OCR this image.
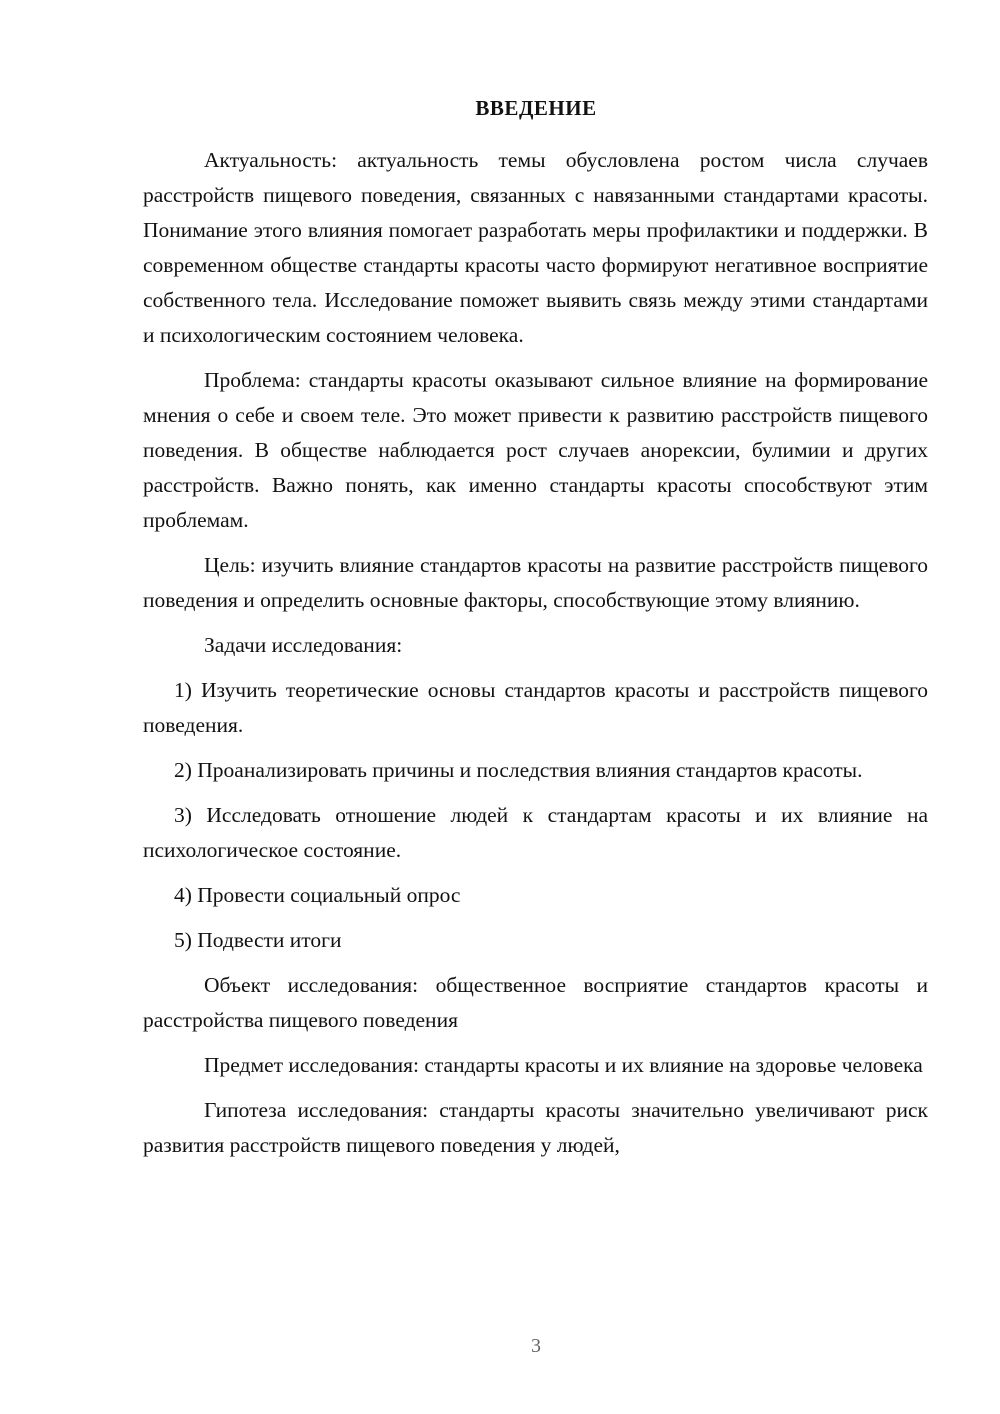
ВВЕДЕНИЕ

Актуальность: актуальность темы обусловлена ростом числа случаев расстройств пищевого поведения, связанных с навязанными стандартами красоты. Понимание этого влияния помогает разработать меры профилактики и поддержки. В современном обществе стандарты красоты часто формируют негативное восприятие собственного тела. Исследование поможет выявить связь между этими стандартами и психологическим состоянием человека.

Проблема: стандарты красоты оказывают сильное влияние на формирование мнения о себе и своем теле. Это может привести к развитию расстройств пищевого поведения. В обществе наблюдается рост случаев анорексии, булимии и других расстройств. Важно понять, как именно стандарты красоты способствуют этим проблемам.

Цель: изучить влияние стандартов красоты на развитие расстройств пищевого поведения и определить основные факторы, способствующие этому влиянию.

Задачи исследования:

1) Изучить теоретические основы стандартов красоты и расстройств пищевого поведения.

2) Проанализировать причины и последствия влияния стандартов красоты.

3) Исследовать отношение людей к стандартам красоты и их влияние на психологическое состояние.

4) Провести социальный опрос

5) Подвести итоги

Объект исследования: общественное восприятие стандартов красоты и расстройства пищевого поведения

Предмет исследования: стандарты красоты и их влияние на здоровье человека

Гипотеза исследования: стандарты красоты значительно увеличивают риск развития расстройств пищевого поведения у людей,

3
